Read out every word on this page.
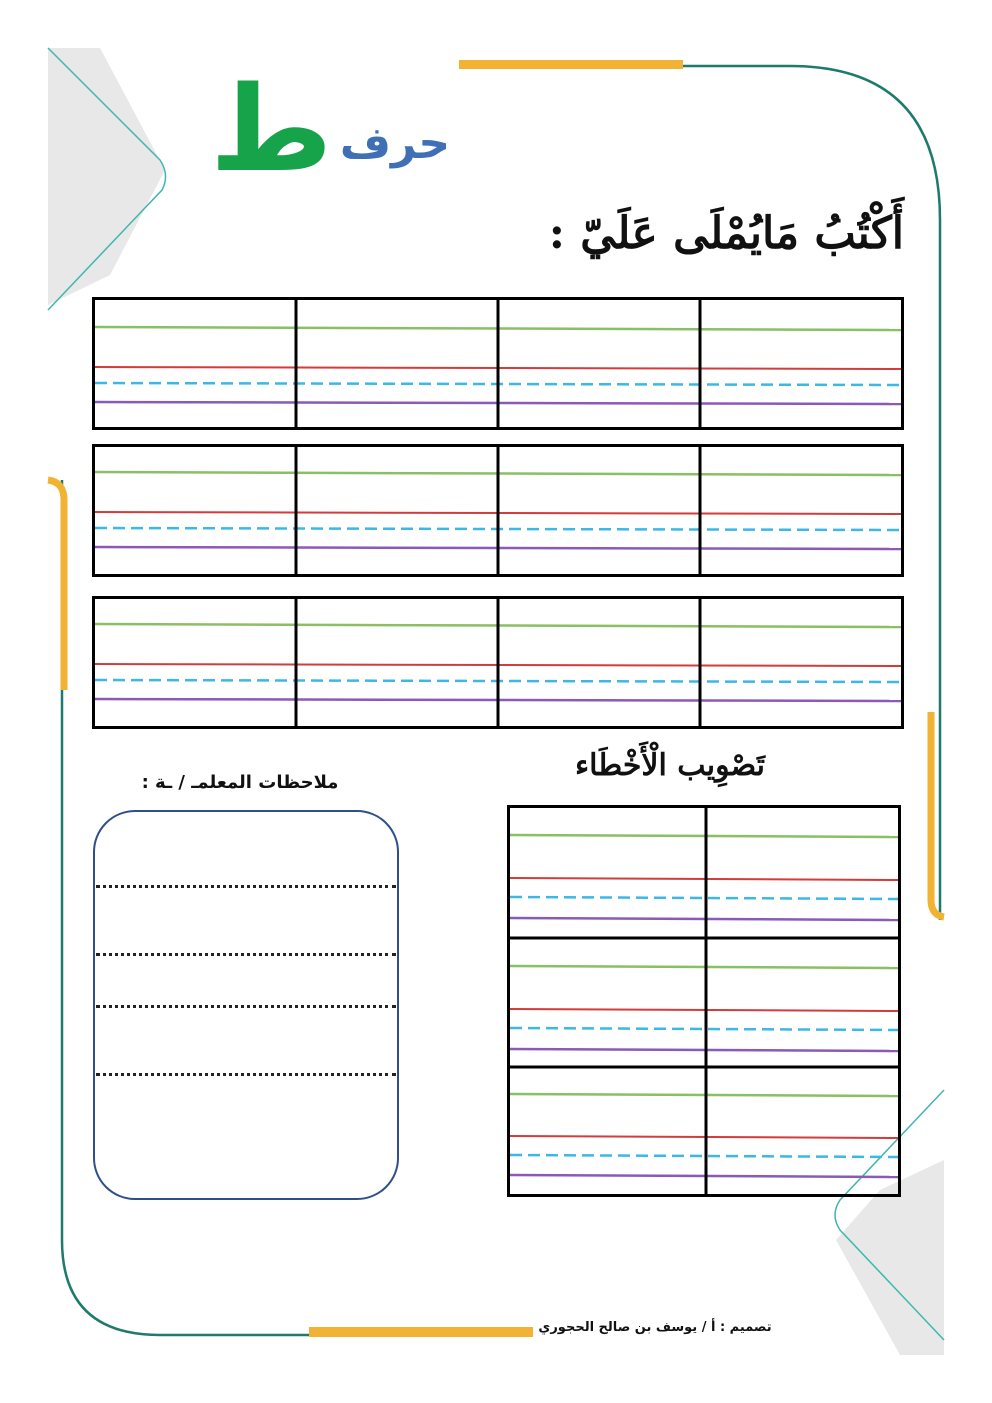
حرف
ط
أَكْتُبُ مَايُمْلَى عَلَيّ :
تَصْوِيب الْأَخْطَاء
ملاحظات المعلمـ / ـة :
تصميم : أ / يوسف بن صالح الحجوري
